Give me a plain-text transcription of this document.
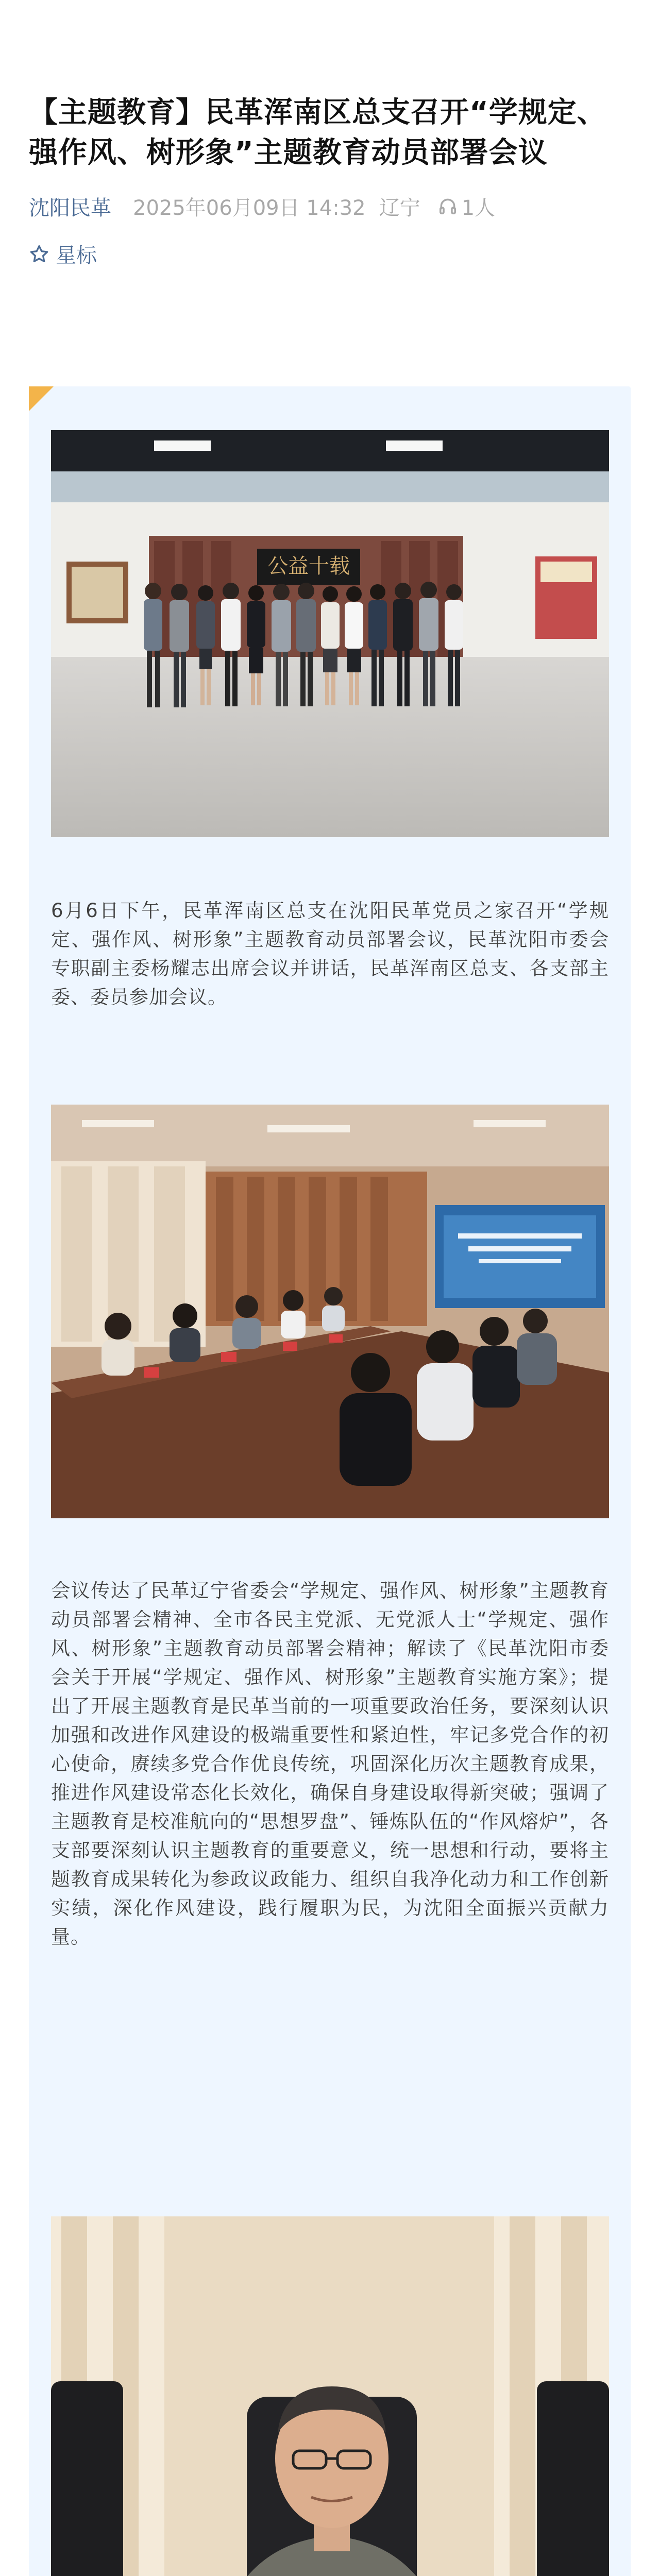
【主题教育】民革浑南区总支召开“学规定、强作风、树形象”主题教育动员部署会议
沈阳民革 2025年06月09日 14:32 辽宁 1人
星标
公益十载

6月6日下午，民革浑南区总支在沈阳民革党员之家召开“学规定、强作风、树形象”主题教育动员部署会议，民革沈阳市委会专职副主委杨耀志出席会议并讲话，民革浑南区总支、各支部主委、委员参加会议。

会议传达了民革辽宁省委会“学规定、强作风、树形象”主题教育动员部署会精神、全市各民主党派、无党派人士“学规定、强作风、树形象”主题教育动员部署会精神；解读了《民革沈阳市委会关于开展“学规定、强作风、树形象”主题教育实施方案》；提出了开展主题教育是民革当前的一项重要政治任务，要深刻认识加强和改进作风建设的极端重要性和紧迫性，牢记多党合作的初心使命，赓续多党合作优良传统，巩固深化历次主题教育成果，推进作风建设常态化长效化，确保自身建设取得新突破；强调了主题教育是校准航向的“思想罗盘”、锤炼队伍的“作风熔炉”，各支部要深刻认识主题教育的重要意义，统一思想和行动，要将主题教育成果转化为参政议政能力、组织自我净化动力和工作创新实绩，深化作风建设，践行履职为民，为沈阳全面振兴贡献力量。
